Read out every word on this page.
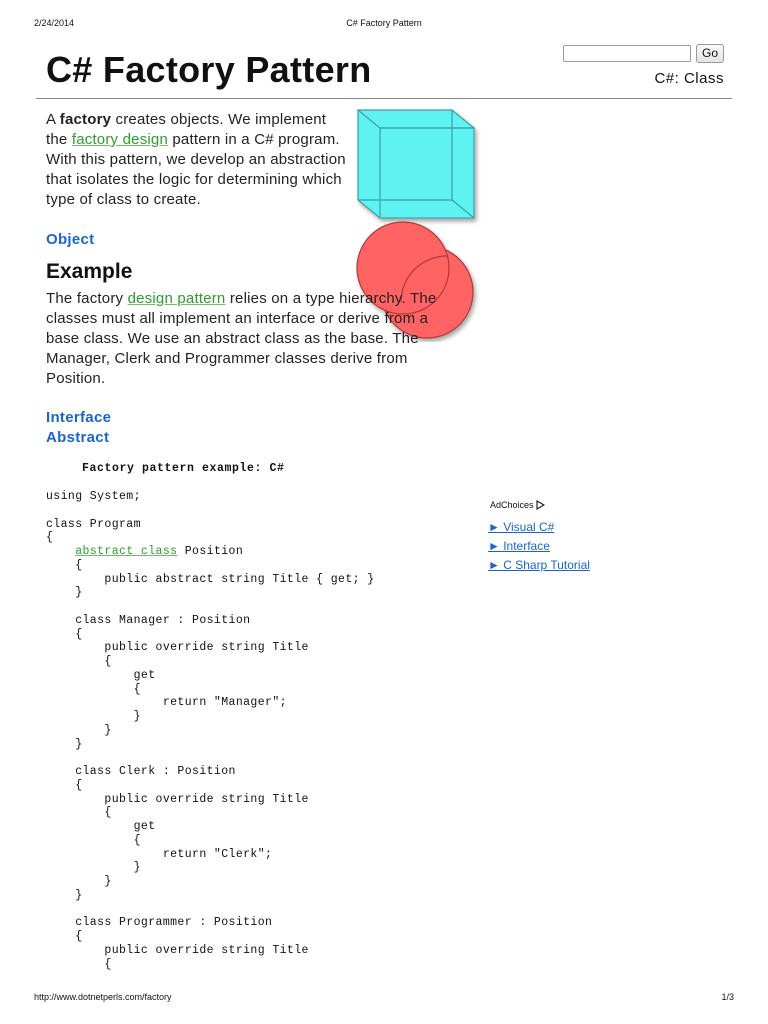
2/24/2014	C# Factory Pattern
Go
C# Factory Pattern	C#: Class
A factory creates objects. We implement the factory design pattern in a C# program. With this pattern, we develop an abstraction that isolates the logic for determining which type of class to create.
Object
Example
The factory design pattern relies on a type hierarchy. The classes must all implement an interface or derive from a base class. We use an abstract class as the base. The Manager, Clerk and Programmer classes derive from Position.
Interface
Abstract
Factory pattern example: C#
using System;
class Program
{
abstract class Position
{
public abstract string Title { get; }
}
class Manager : Position
{
public override string Title
{
get
{
return "Manager";
}
}
}
class Clerk : Position
{
public override string Title
{
get
{
return "Clerk";
}
}
}
class Programmer : Position
{
public override string Title
{
AdChoices
► Visual C#
► Interface
► C Sharp Tutorial
http://www.dotnetperls.com/factory	1/3
